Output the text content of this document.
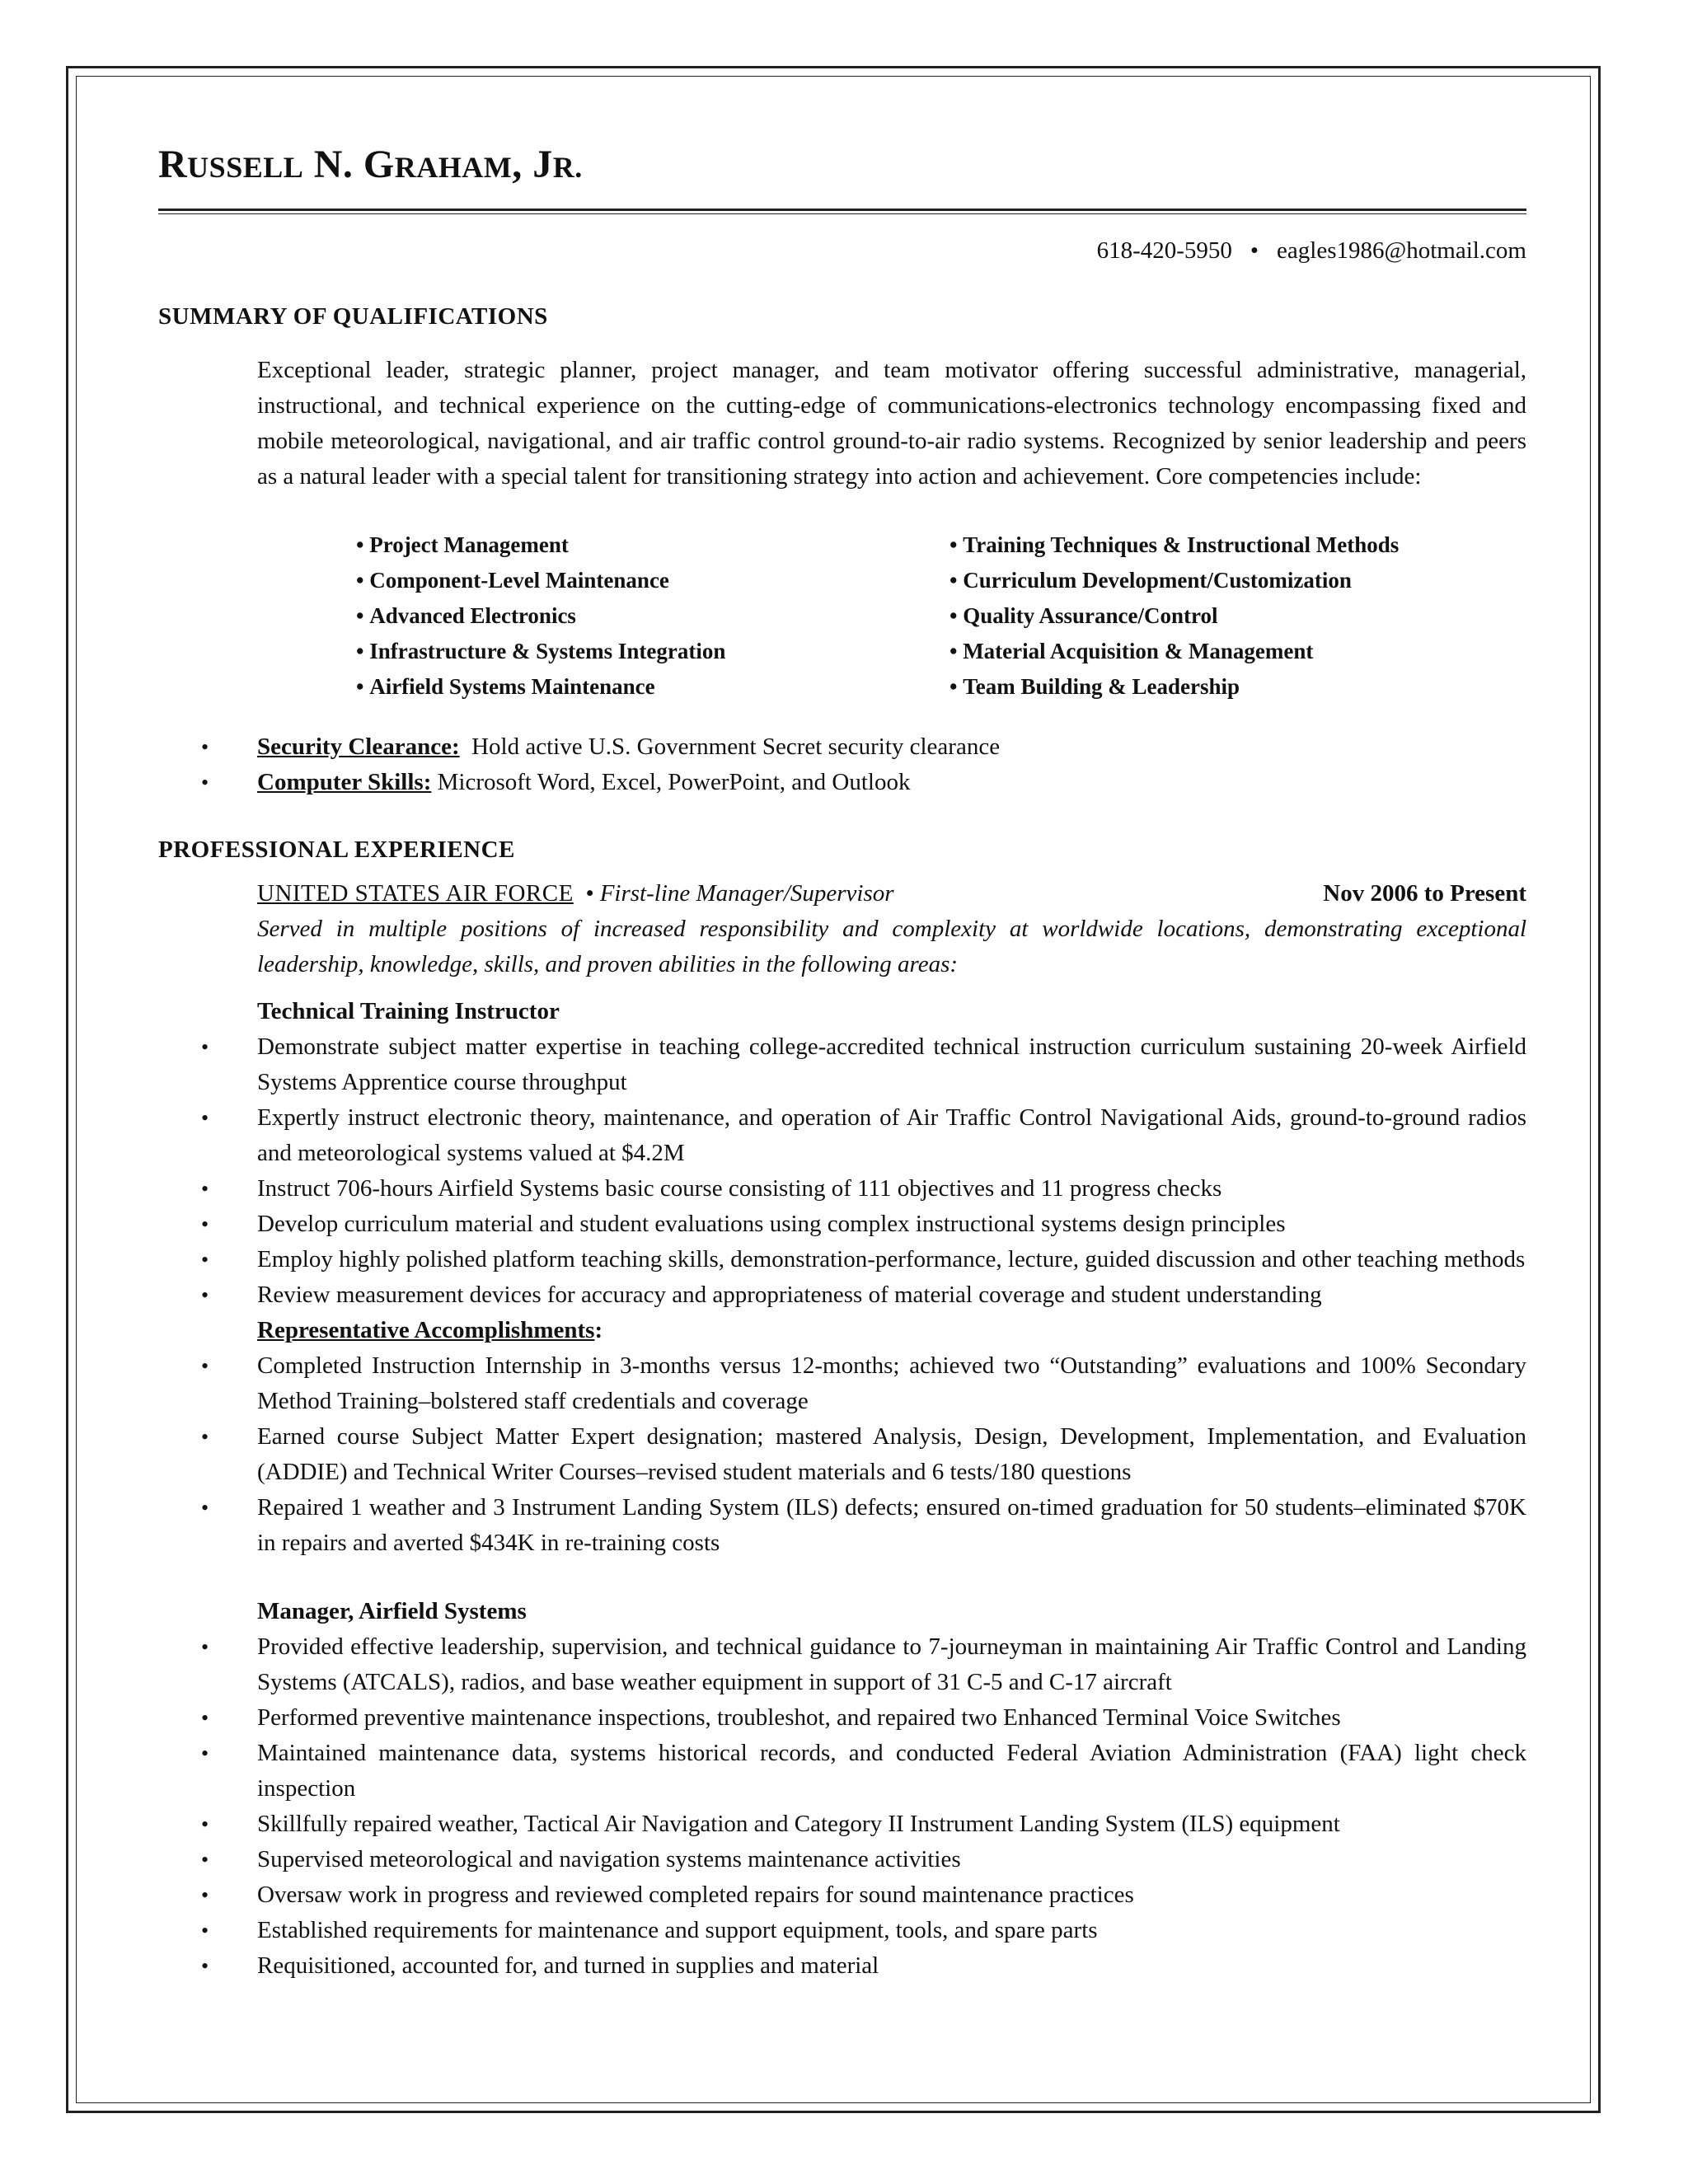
RUSSELL N. GRAHAM, JR.
618-420-5950 • eagles1986@hotmail.com
SUMMARY OF QUALIFICATIONS

Exceptional leader, strategic planner, project manager, and team motivator offering successful administrative, managerial, instructional, and technical experience on the cutting-edge of communications-electronics technology encompassing fixed and mobile meteorological, navigational, and air traffic control ground-to-air radio systems. Recognized by senior leadership and peers as a natural leader with a special talent for transitioning strategy into action and achievement. Core competencies include:

• Project Management
• Component-Level Maintenance
• Advanced Electronics
• Infrastructure & Systems Integration
• Airfield Systems Maintenance
• Training Techniques & Instructional Methods
• Curriculum Development/Customization
• Quality Assurance/Control
• Material Acquisition & Management
• Team Building & Leadership
• Security Clearance: Hold active U.S. Government Secret security clearance
• Computer Skills: Microsoft Word, Excel, PowerPoint, and Outlook
PROFESSIONAL EXPERIENCE
UNITED STATES AIR FORCE • First-line Manager/Supervisor	Nov 2006 to Present
Served in multiple positions of increased responsibility and complexity at worldwide locations, demonstrating exceptional leadership, knowledge, skills, and proven abilities in the following areas:
Technical Training Instructor
• Demonstrate subject matter expertise in teaching college-accredited technical instruction curriculum sustaining 20-week Airfield Systems Apprentice course throughput
• Expertly instruct electronic theory, maintenance, and operation of Air Traffic Control Navigational Aids, ground-to-ground radios and meteorological systems valued at $4.2M
• Instruct 706-hours Airfield Systems basic course consisting of 111 objectives and 11 progress checks
• Develop curriculum material and student evaluations using complex instructional systems design principles
• Employ highly polished platform teaching skills, demonstration-performance, lecture, guided discussion and other teaching methods
• Review measurement devices for accuracy and appropriateness of material coverage and student understanding
Representative Accomplishments:
• Completed Instruction Internship in 3-months versus 12-months; achieved two “Outstanding” evaluations and 100% Secondary Method Training–bolstered staff credentials and coverage
• Earned course Subject Matter Expert designation; mastered Analysis, Design, Development, Implementation, and Evaluation (ADDIE) and Technical Writer Courses–revised student materials and 6 tests/180 questions
• Repaired 1 weather and 3 Instrument Landing System (ILS) defects; ensured on-timed graduation for 50 students–eliminated $70K in repairs and averted $434K in re-training costs
Manager, Airfield Systems
• Provided effective leadership, supervision, and technical guidance to 7-journeyman in maintaining Air Traffic Control and Landing Systems (ATCALS), radios, and base weather equipment in support of 31 C-5 and C-17 aircraft
• Performed preventive maintenance inspections, troubleshot, and repaired two Enhanced Terminal Voice Switches
• Maintained maintenance data, systems historical records, and conducted Federal Aviation Administration (FAA) light check inspection
• Skillfully repaired weather, Tactical Air Navigation and Category II Instrument Landing System (ILS) equipment
• Supervised meteorological and navigation systems maintenance activities
• Oversaw work in progress and reviewed completed repairs for sound maintenance practices
• Established requirements for maintenance and support equipment, tools, and spare parts
• Requisitioned, accounted for, and turned in supplies and material
